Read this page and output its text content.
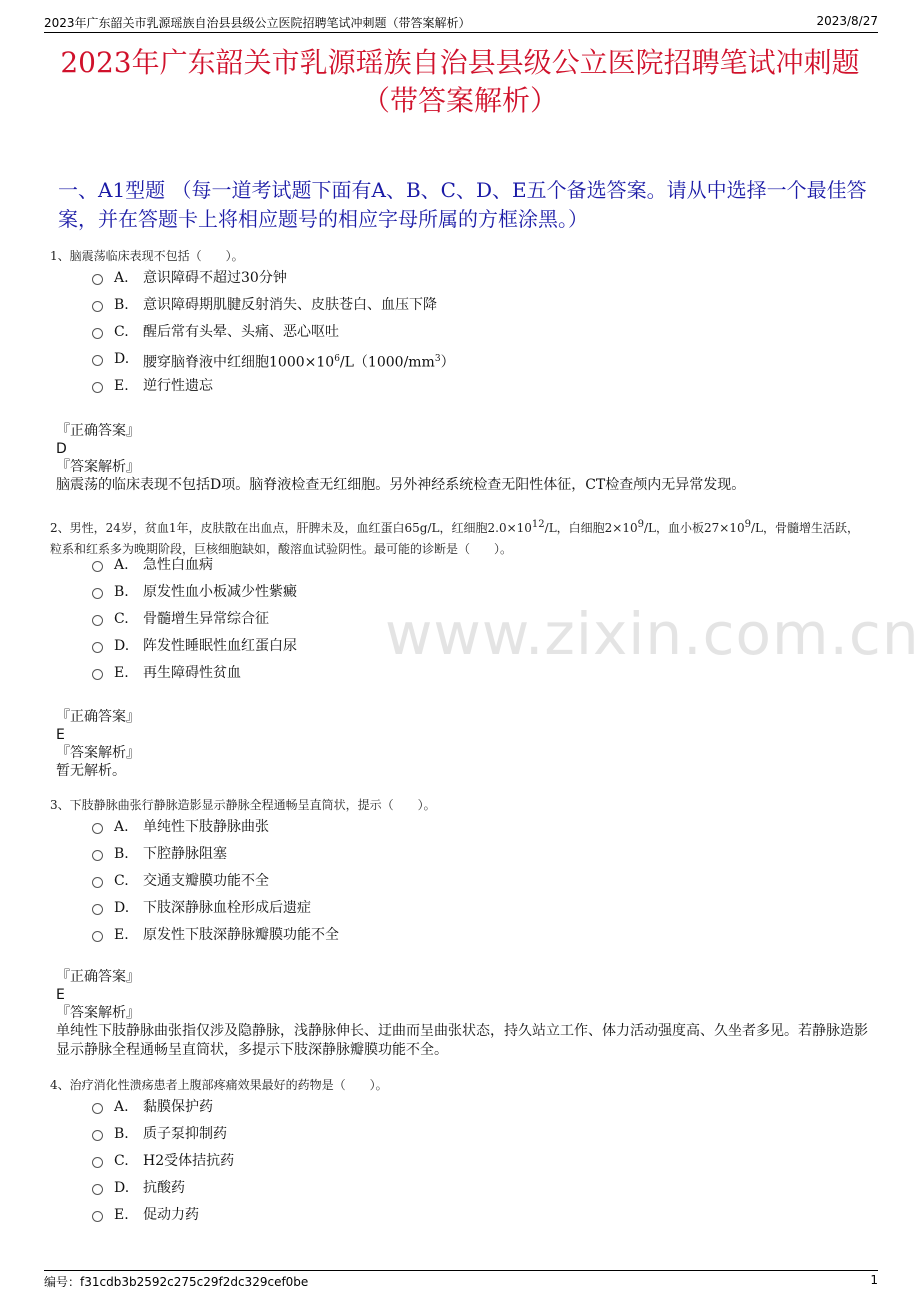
2023年广东韶关市乳源瑶族自治县县级公立医院招聘笔试冲刺题（带答案解析）	2023/8/27
2023年广东韶关市乳源瑶族自治县县级公立医院招聘笔试冲刺题（带答案解析）
一、A1型题 （每一道考试题下面有A、B、C、D、E五个备选答案。请从中选择一个最佳答案，并在答题卡上将相应题号的相应字母所属的方框涂黑。）
www.zixin.com.cn
1、脑震荡临床表现不包括（　　）。
A. 意识障碍不超过30分钟
B. 意识障碍期肌腱反射消失、皮肤苍白、血压下降
C. 醒后常有头晕、头痛、恶心呕吐
D. 腰穿脑脊液中红细胞$1000\times 10^6/L(1000/mm^3)$
E. 逆行性遗忘
『正确答案』
D
『答案解析』
脑震荡的临床表现不包括D项。脑脊液检查无红细胞。另外神经系统检查无阳性体征，CT检查颅内无异常发现。
2、男性，24岁，贫血1年，皮肤散在出血点，肝脾未及，血红蛋白65g/L，红细胞$2.0\times 10^{12}/L$，白细胞$2\times 10^9/L$，血小板$27\times 10^9/L$，骨髓增生活跃，粒系和红系多为晚期阶段，巨核细胞缺如，酸溶血试验阴性。最可能的诊断是（　　）。
A. 急性白血病
B. 原发性血小板减少性紫癜
C. 骨髓增生异常综合征
D. 阵发性睡眠性血红蛋白尿
E. 再生障碍性贫血
『正确答案』
E
『答案解析』
暂无解析。
3、下肢静脉曲张行静脉造影显示静脉全程通畅呈直筒状，提示（　　）。
A. 单纯性下肢静脉曲张
B. 下腔静脉阻塞
C. 交通支瓣膜功能不全
D. 下肢深静脉血栓形成后遗症
E. 原发性下肢深静脉瓣膜功能不全
『正确答案』
E
『答案解析』
单纯性下肢静脉曲张指仅涉及隐静脉，浅静脉伸长、迂曲而呈曲张状态，持久站立工作、体力活动强度高、久坐者多见。若静脉造影显示静脉全程通畅呈直筒状，多提示下肢深静脉瓣膜功能不全。
4、治疗消化性溃疡患者上腹部疼痛效果最好的药物是（　　）。
A. 黏膜保护药
B. 质子泵抑制药
C. H2受体拮抗药
D. 抗酸药
E. 促动力药
编号：f31cdb3b2592c275c29f2dc329cef0be	1
